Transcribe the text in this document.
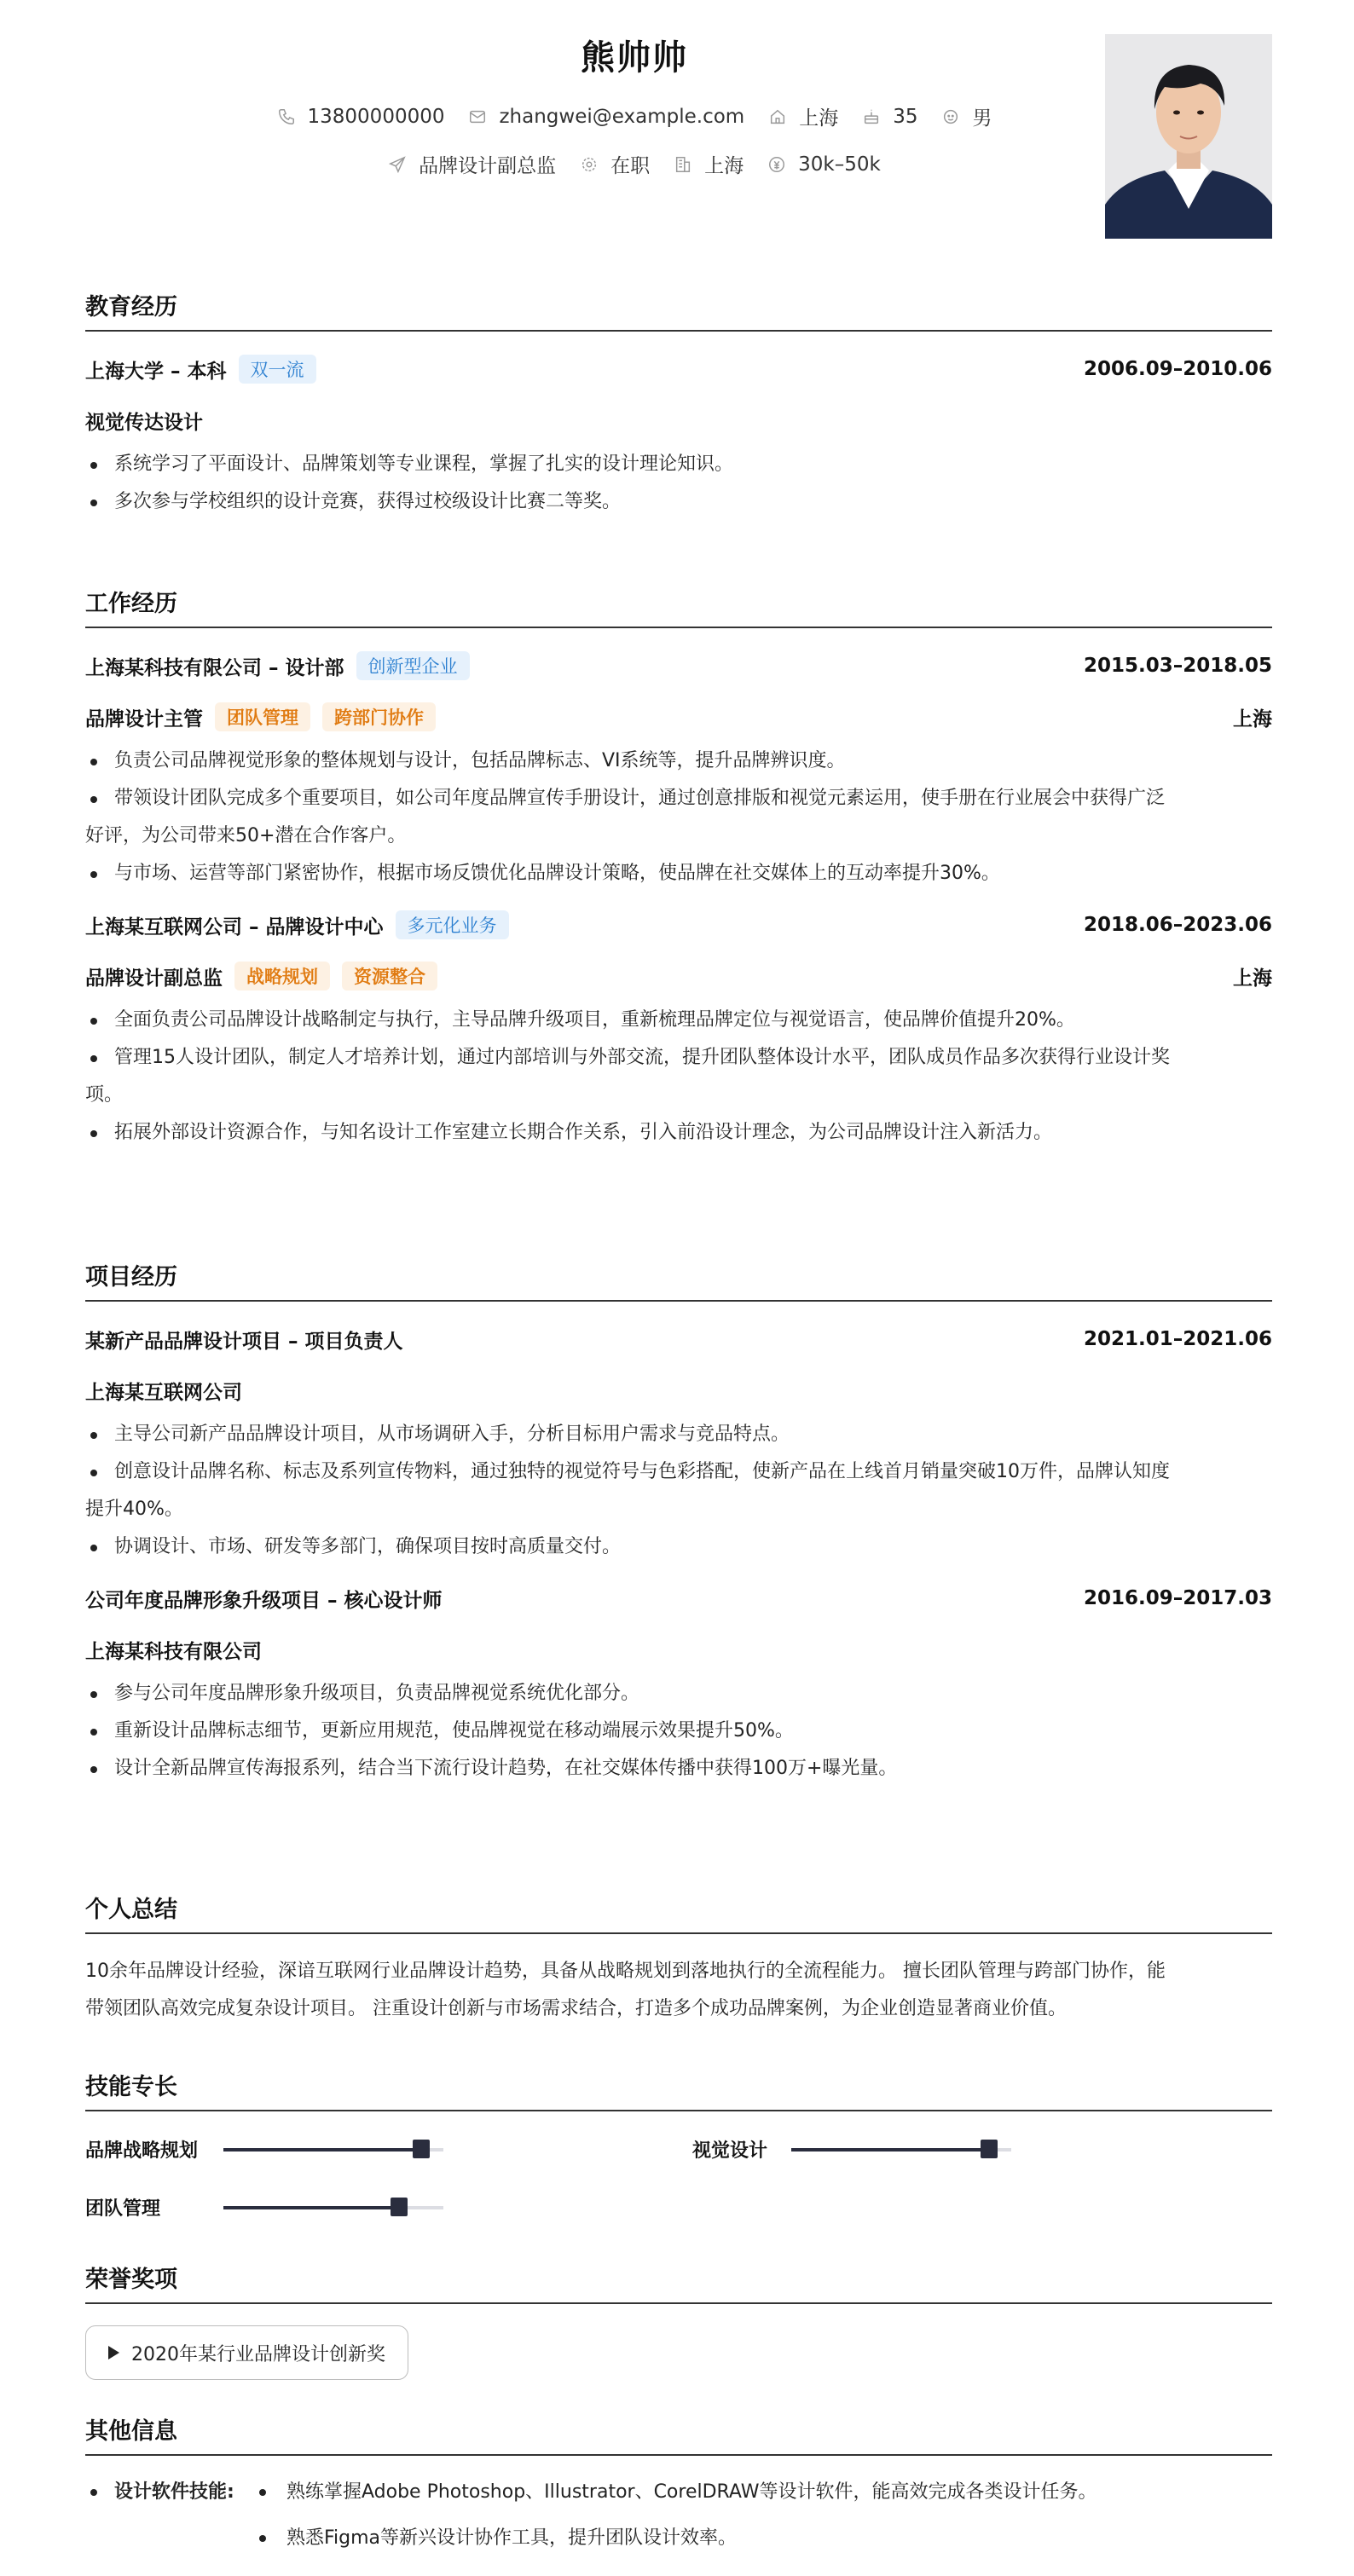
熊帅帅
13800000000	zhangwei@example.com	上海	35	男
品牌设计副总监	在职	上海	30k–50k
教育经历
上海大学 – 本科	双一流	2006.09–2010.06
视觉传达设计
系统学习了平面设计、品牌策划等专业课程，掌握了扎实的设计理论知识。
多次参与学校组织的设计竞赛，获得过校级设计比赛二等奖。
工作经历
上海某科技有限公司 – 设计部	创新型企业	2015.03–2018.05
品牌设计主管	团队管理	跨部门协作	上海
负责公司品牌视觉形象的整体规划与设计，包括品牌标志、VI系统等，提升品牌辨识度。
带领设计团队完成多个重要项目，如公司年度品牌宣传手册设计，通过创意排版和视觉元素运用，使手册在行业展会中获得广泛
好评，为公司带来50+潜在合作客户。
与市场、运营等部门紧密协作，根据市场反馈优化品牌设计策略，使品牌在社交媒体上的互动率提升30%。
上海某互联网公司 – 品牌设计中心	多元化业务	2018.06–2023.06
品牌设计副总监	战略规划	资源整合	上海
全面负责公司品牌设计战略制定与执行，主导品牌升级项目，重新梳理品牌定位与视觉语言，使品牌价值提升20%。
管理15人设计团队，制定人才培养计划，通过内部培训与外部交流，提升团队整体设计水平，团队成员作品多次获得行业设计奖
项。
拓展外部设计资源合作，与知名设计工作室建立长期合作关系，引入前沿设计理念，为公司品牌设计注入新活力。
项目经历
某新产品品牌设计项目 – 项目负责人	2021.01–2021.06
上海某互联网公司
主导公司新产品品牌设计项目，从市场调研入手，分析目标用户需求与竞品特点。
创意设计品牌名称、标志及系列宣传物料，通过独特的视觉符号与色彩搭配，使新产品在上线首月销量突破10万件，品牌认知度
提升40%。
协调设计、市场、研发等多部门，确保项目按时高质量交付。
公司年度品牌形象升级项目 – 核心设计师	2016.09–2017.03
上海某科技有限公司
参与公司年度品牌形象升级项目，负责品牌视觉系统优化部分。
重新设计品牌标志细节，更新应用规范，使品牌视觉在移动端展示效果提升50%。
设计全新品牌宣传海报系列，结合当下流行设计趋势，在社交媒体传播中获得100万+曝光量。
个人总结
10余年品牌设计经验，深谙互联网行业品牌设计趋势，具备从战略规划到落地执行的全流程能力。 擅长团队管理与跨部门协作，能
带领团队高效完成复杂设计项目。 注重设计创新与市场需求结合，打造多个成功品牌案例，为企业创造显著商业价值。
技能专长
品牌战略规划	视觉设计
团队管理
荣誉奖项
2020年某行业品牌设计创新奖
其他信息
设计软件技能:	熟练掌握Adobe Photoshop、Illustrator、CorelDRAW等设计软件，能高效完成各类设计任务。
熟悉Figma等新兴设计协作工具，提升团队设计效率。
